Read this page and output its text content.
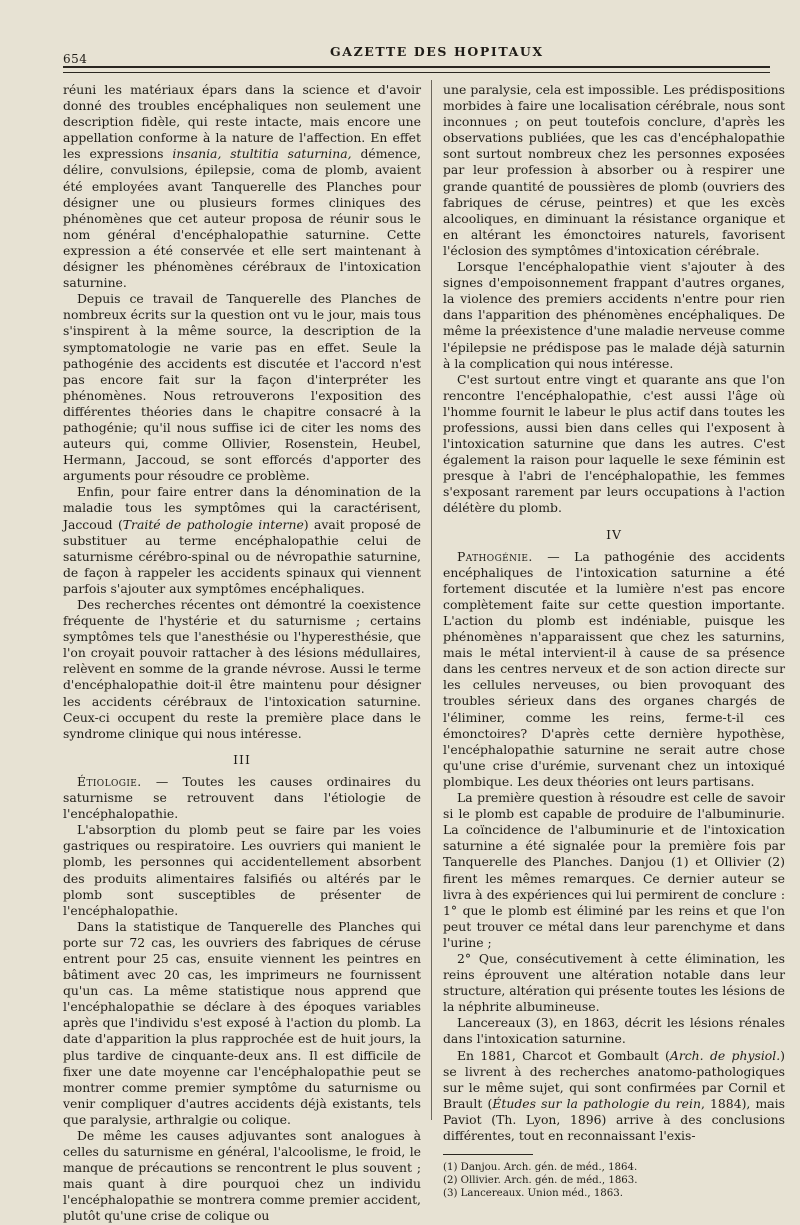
654	GAZETTE DES HOPITAUX

réuni les matériaux épars dans la science et d'avoir donné des troubles encéphaliques non seulement une description fidèle, qui reste intacte, mais encore une appellation conforme à la nature de l'affection. En effet les expressions insania, stultitia saturnina, démence, délire, convulsions, épilepsie, coma de plomb, avaient été employées avant Tanquerelle des Planches pour désigner une ou plusieurs formes cliniques des phénomènes que cet auteur proposa de réunir sous le nom général d'encéphalopathie saturnine. Cette expression a été conservée et elle sert maintenant à désigner les phénomènes cérébraux de l'intoxication saturnine.

Depuis ce travail de Tanquerelle des Planches de nombreux écrits sur la question ont vu le jour, mais tous s'inspirent à la même source, la description de la symptomatologie ne varie pas en effet. Seule la pathogénie des accidents est discutée et l'accord n'est pas encore fait sur la façon d'interpréter les phénomènes. Nous retrouverons l'exposition des différentes théories dans le chapitre consacré à la pathogénie; qu'il nous suffise ici de citer les noms des auteurs qui, comme Ollivier, Rosenstein, Heubel, Hermann, Jaccoud, se sont efforcés d'apporter des arguments pour résoudre ce problème.

Enfin, pour faire entrer dans la dénomination de la maladie tous les symptômes qui la caractérisent, Jaccoud (Traité de pathologie interne) avait proposé de substituer au terme encéphalopathie celui de saturnisme cérébro-spinal ou de névropathie saturnine, de façon à rappeler les accidents spinaux qui viennent parfois s'ajouter aux symptômes encéphaliques.

Des recherches récentes ont démontré la coexistence fréquente de l'hystérie et du saturnisme ; certains symptômes tels que l'anesthésie ou l'hyperesthésie, que l'on croyait pouvoir rattacher à des lésions médullaires, relèvent en somme de la grande névrose. Aussi le terme d'encéphalopathie doit-il être maintenu pour désigner les accidents cérébraux de l'intoxication saturnine. Ceux-ci occupent du reste la première place dans le syndrome clinique qui nous intéresse.

III

Étiologie. — Toutes les causes ordinaires du saturnisme se retrouvent dans l'étiologie de l'encéphalopathie.

L'absorption du plomb peut se faire par les voies gastriques ou respiratoire. Les ouvriers qui manient le plomb, les personnes qui accidentellement absorbent des produits alimentaires falsifiés ou altérés par le plomb sont susceptibles de présenter de l'encéphalopathie.

Dans la statistique de Tanquerelle des Planches qui porte sur 72 cas, les ouvriers des fabriques de céruse entrent pour 25 cas, ensuite viennent les peintres en bâtiment avec 20 cas, les imprimeurs ne fournissent qu'un cas. La même statistique nous apprend que l'encéphalopathie se déclare à des époques variables après que l'individu s'est exposé à l'action du plomb. La date d'apparition la plus rapprochée est de huit jours, la plus tardive de cinquante-deux ans. Il est difficile de fixer une date moyenne car l'encéphalopathie peut se montrer comme premier symptôme du saturnisme ou venir compliquer d'autres accidents déjà existants, tels que paralysie, arthralgie ou colique.

De même les causes adjuvantes sont analogues à celles du saturnisme en général, l'alcoolisme, le froid, le manque de précautions se rencontrent le plus souvent ; mais quant à dire pourquoi chez un individu l'encéphalopathie se montrera comme premier accident, plutôt qu'une crise de colique ou

une paralysie, cela est impossible. Les prédispositions morbides à faire une localisation cérébrale, nous sont inconnues ; on peut toutefois conclure, d'après les observations publiées, que les cas d'encéphalopathie sont surtout nombreux chez les personnes exposées par leur profession à absorber ou à respirer une grande quantité de poussières de plomb (ouvriers des fabriques de céruse, peintres) et que les excès alcooliques, en diminuant la résistance organique et en altérant les émonctoires naturels, favorisent l'éclosion des symptômes d'intoxication cérébrale.

Lorsque l'encéphalopathie vient s'ajouter à des signes d'empoisonnement frappant d'autres organes, la violence des premiers accidents n'entre pour rien dans l'apparition des phénomènes encéphaliques. De même la préexistence d'une maladie nerveuse comme l'épilepsie ne prédispose pas le malade déjà saturnin à la complication qui nous intéresse.

C'est surtout entre vingt et quarante ans que l'on rencontre l'encéphalopathie, c'est aussi l'âge où l'homme fournit le labeur le plus actif dans toutes les professions, aussi bien dans celles qui l'exposent à l'intoxication saturnine que dans les autres. C'est également la raison pour laquelle le sexe féminin est presque à l'abri de l'encéphalopathie, les femmes s'exposant rarement par leurs occupations à l'action délétère du plomb.

IV

Pathogénie. — La pathogénie des accidents encéphaliques de l'intoxication saturnine a été fortement discutée et la lumière n'est pas encore complètement faite sur cette question importante. L'action du plomb est indéniable, puisque les phénomènes n'apparaissent que chez les saturnins, mais le métal intervient-il à cause de sa présence dans les centres nerveux et de son action directe sur les cellules nerveuses, ou bien provoquant des troubles sérieux dans des organes chargés de l'éliminer, comme les reins, ferme-t-il ces émonctoires? D'après cette dernière hypothèse, l'encéphalopathie saturnine ne serait autre chose qu'une crise d'urémie, survenant chez un intoxiqué plombique. Les deux théories ont leurs partisans.

La première question à résoudre est celle de savoir si le plomb est capable de produire de l'albuminurie. La coïncidence de l'albuminurie et de l'intoxication saturnine a été signalée pour la première fois par Tanquerelle des Planches. Danjou (1) et Ollivier (2) firent les mêmes remarques. Ce dernier auteur se livra à des expériences qui lui permirent de conclure : 1° que le plomb est éliminé par les reins et que l'on peut trouver ce métal dans leur parenchyme et dans l'urine ;

2° Que, consécutivement à cette élimination, les reins éprouvent une altération notable dans leur structure, altération qui présente toutes les lésions de la néphrite albumineuse.

Lancereaux (3), en 1863, décrit les lésions rénales dans l'intoxication saturnine.

En 1881, Charcot et Gombault (Arch. de physiol.) se livrent à des recherches anatomo-pathologiques sur le même sujet, qui sont confirmées par Cornil et Brault (Études sur la pathologie du rein, 1884), mais Paviot (Th. Lyon, 1896) arrive à des conclusions différentes, tout en reconnaissant l'exis-

(1) Danjou. Arch. gén. de méd., 1864.
(2) Ollivier. Arch. gén. de méd., 1863.
(3) Lancereaux. Union méd., 1863.
